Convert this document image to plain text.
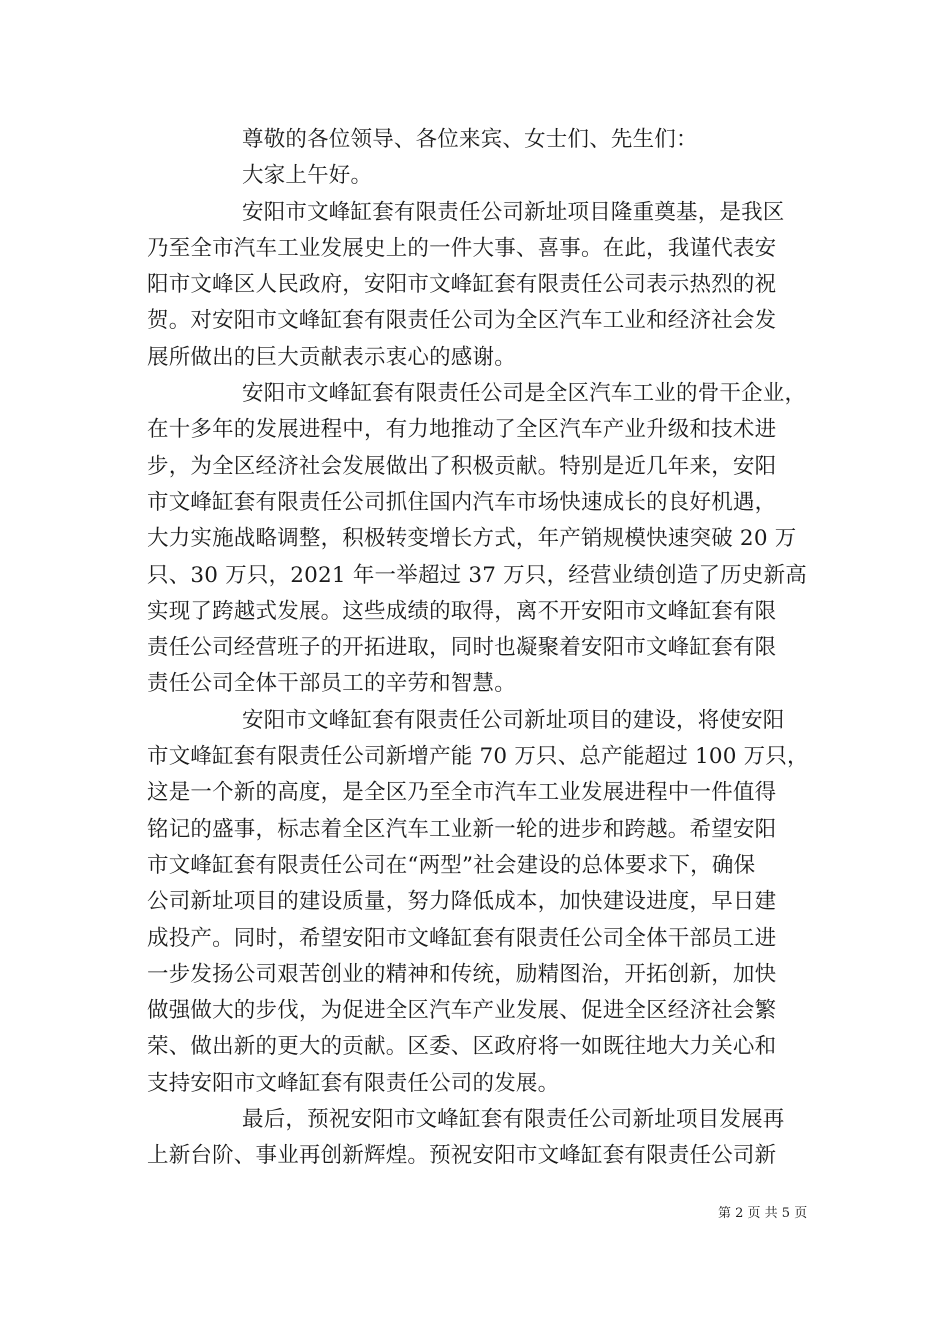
尊敬的各位领导、各位来宾、女士们、先生们：
大家上午好。
安阳市文峰缸套有限责任公司新址项目隆重奠基，是我区
乃至全市汽车工业发展史上的一件大事、喜事。在此，我谨代表安
阳市文峰区人民政府，安阳市文峰缸套有限责任公司表示热烈的祝
贺。对安阳市文峰缸套有限责任公司为全区汽车工业和经济社会发
展所做出的巨大贡献表示衷心的感谢。
安阳市文峰缸套有限责任公司是全区汽车工业的骨干企业，
在十多年的发展进程中，有力地推动了全区汽车产业升级和技术进
步，为全区经济社会发展做出了积极贡献。特别是近几年来，安阳
市文峰缸套有限责任公司抓住国内汽车市场快速成长的良好机遇，
大力实施战略调整，积极转变增长方式，年产销规模快速突破 20 万
只、30 万只，2021 年一举超过 37 万只，经营业绩创造了历史新高
实现了跨越式发展。这些成绩的取得，离不开安阳市文峰缸套有限
责任公司经营班子的开拓进取，同时也凝聚着安阳市文峰缸套有限
责任公司全体干部员工的辛劳和智慧。
安阳市文峰缸套有限责任公司新址项目的建设，将使安阳
市文峰缸套有限责任公司新增产能 70 万只、总产能超过 100 万只，
这是一个新的高度，是全区乃至全市汽车工业发展进程中一件值得
铭记的盛事，标志着全区汽车工业新一轮的进步和跨越。希望安阳
市文峰缸套有限责任公司在“两型”社会建设的总体要求下，确保
公司新址项目的建设质量，努力降低成本，加快建设进度，早日建
成投产。同时，希望安阳市文峰缸套有限责任公司全体干部员工进
一步发扬公司艰苦创业的精神和传统，励精图治，开拓创新，加快
做强做大的步伐，为促进全区汽车产业发展、促进全区经济社会繁
荣、做出新的更大的贡献。区委、区政府将一如既往地大力关心和
支持安阳市文峰缸套有限责任公司的发展。
最后，预祝安阳市文峰缸套有限责任公司新址项目发展再
上新台阶、事业再创新辉煌。预祝安阳市文峰缸套有限责任公司新
第 2 页 共 5 页
